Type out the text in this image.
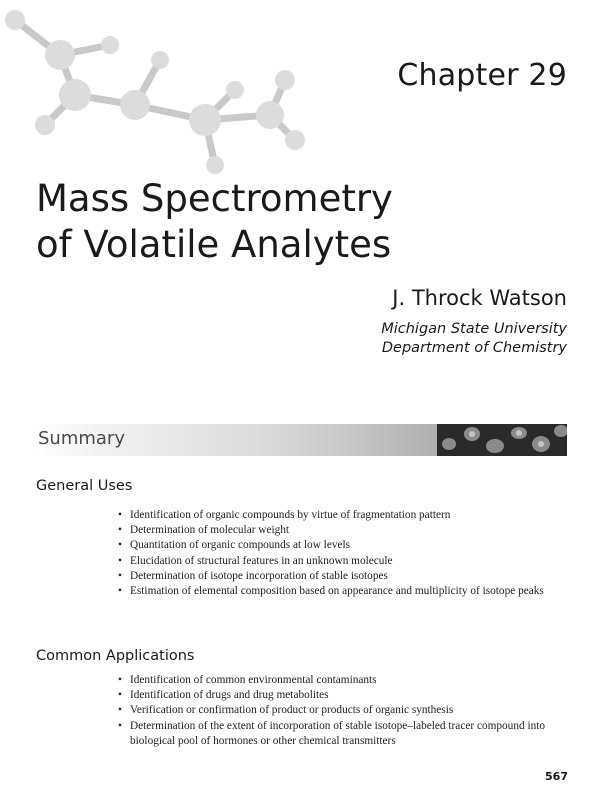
Chapter 29
Mass Spectrometry
of Volatile Analytes
J. Throck Watson
Michigan State University
Department of Chemistry
Summary
General Uses
• Identification of organic compounds by virtue of fragmentation pattern
• Determination of molecular weight
• Quantitation of organic compounds at low levels
• Elucidation of structural features in an unknown molecule
• Determination of isotope incorporation of stable isotopes
• Estimation of elemental composition based on appearance and multiplicity of isotope peaks
Common Applications
• Identification of common environmental contaminants
• Identification of drugs and drug metabolites
• Verification or confirmation of product or products of organic synthesis
• Determination of the extent of incorporation of stable isotope–labeled tracer compound into biological pool of hormones or other chemical transmitters
567
